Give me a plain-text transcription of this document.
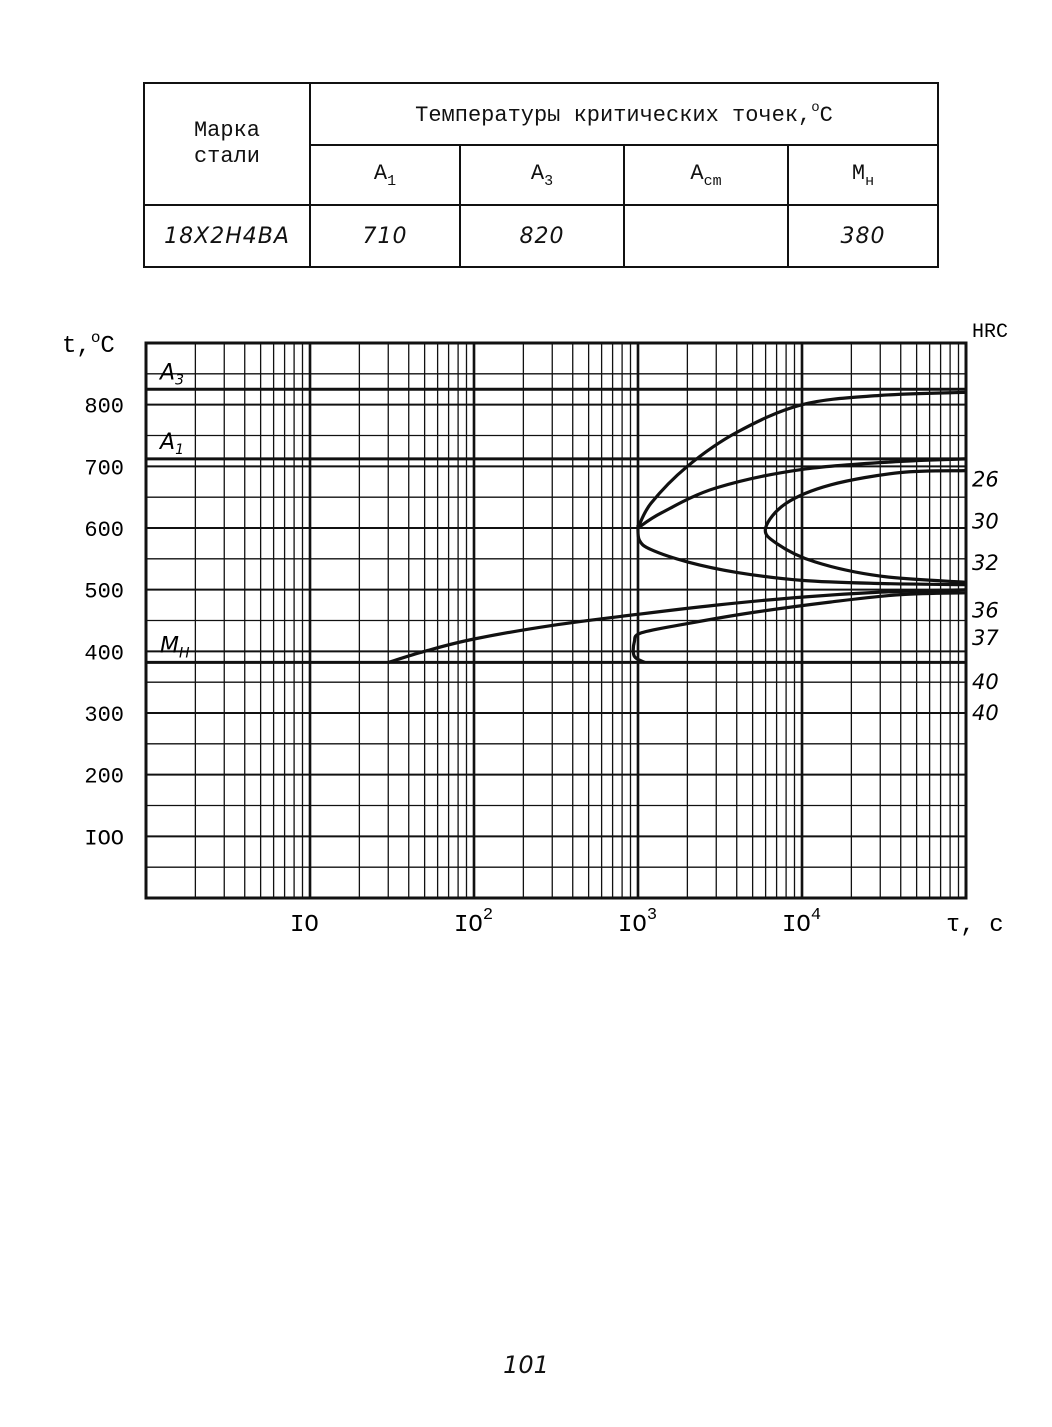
Марка стали	Температуры критических точек,$^о$С			
	$А_1$	$А_3$	$А_{cm}$	$М_н$
18Х2Н4ВА	710	820		380
IOO
200
300
400
500
600
700
800
IO	$IO^2$	$IO^3$	$IO^4$
$А_3$
$А_1$
$М_Н$
26
30
32
36
37
40
40
t,$^о$С
HRC
τ, с
101
